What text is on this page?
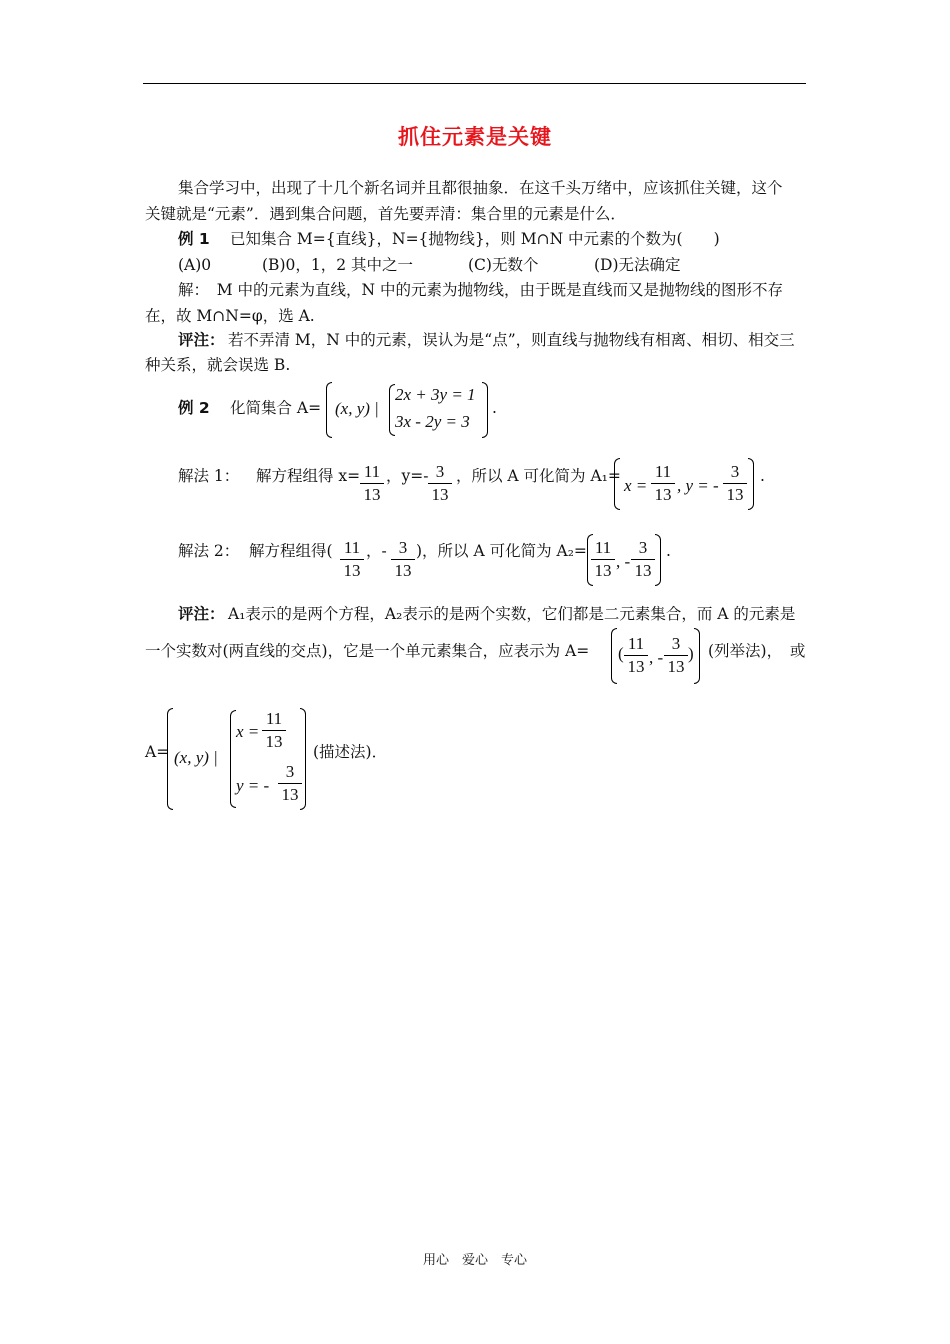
抓住元素是关键
集合学习中，出现了十几个新名词并且都很抽象．在这千头万绪中，应该抓住关键，这个
关键就是“元素”．遇到集合问题，首先要弄清：集合里的元素是什么．
例 1 已知集合 M={直线}，N={抛物线}，则 M∩N 中元素的个数为(　　)
(A)0	(B)0，1，2 其中之一	(C)无数个	(D)无法确定
解：　M 中的元素为直线，N 中的元素为抛物线，由于既是直线而又是抛物线的图形不存
在，故 M∩N=φ，选 A.
评注： 若不弄清 M，N 中的元素，误认为是“点”，则直线与抛物线有相离、相切、相交三
种关系，就会误选 B.
例 2 化简集合 A= (x, y) |
2x + 3y = 1
3x - 2y = 3
.
解法 1： 解方程组得 x= 11
13
，y=- 3
13
，所以 A 可化简为 A₁= x =
11
13 , y = -
3
13
.
解法 2： 解方程组得( 11
13
，- 3
13
)，所以 A 可化简为 A₂= 11
13 , -
3
13
.
评注： A₁表示的是两个方程，A₂表示的是两个实数，它们都是二元素集合，而 A 的元素是
一个实数对(两直线的交点)，它是一个单元素集合，应表示为 A= (
11
13 , -
3
13
) (列举法)，　或
A= (x, y) |
x =
11
13
y = -
3
13
(描述法)．
用心　爱心　专心
